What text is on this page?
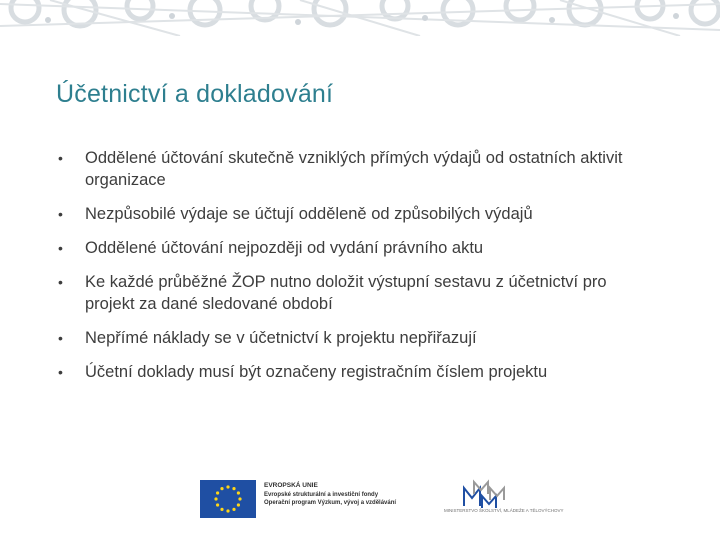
Účetnictví a dokladování
• Oddělené účtování skutečně vzniklých přímých výdajů od ostatních aktivit organizace
• Nezpůsobilé výdaje se účtují odděleně od způsobilých výdajů
• Oddělené účtování nejpozději od vydání právního aktu
• Ke každé průběžné ŽOP nutno doložit výstupní sestavu z účetnictví pro projekt za dané sledované období
• Nepřímé náklady se v účetnictví k projektu nepřiřazují
• Účetní doklady musí být označeny registračním číslem projektu
EVROPSKÁ UNIE
Evropské strukturální a investiční fondy
Operační program Výzkum, vývoj a vzdělávání
MINISTERSTVO ŠKOLSTVÍ, MLÁDEŽE A TĚLOVÝCHOVY
